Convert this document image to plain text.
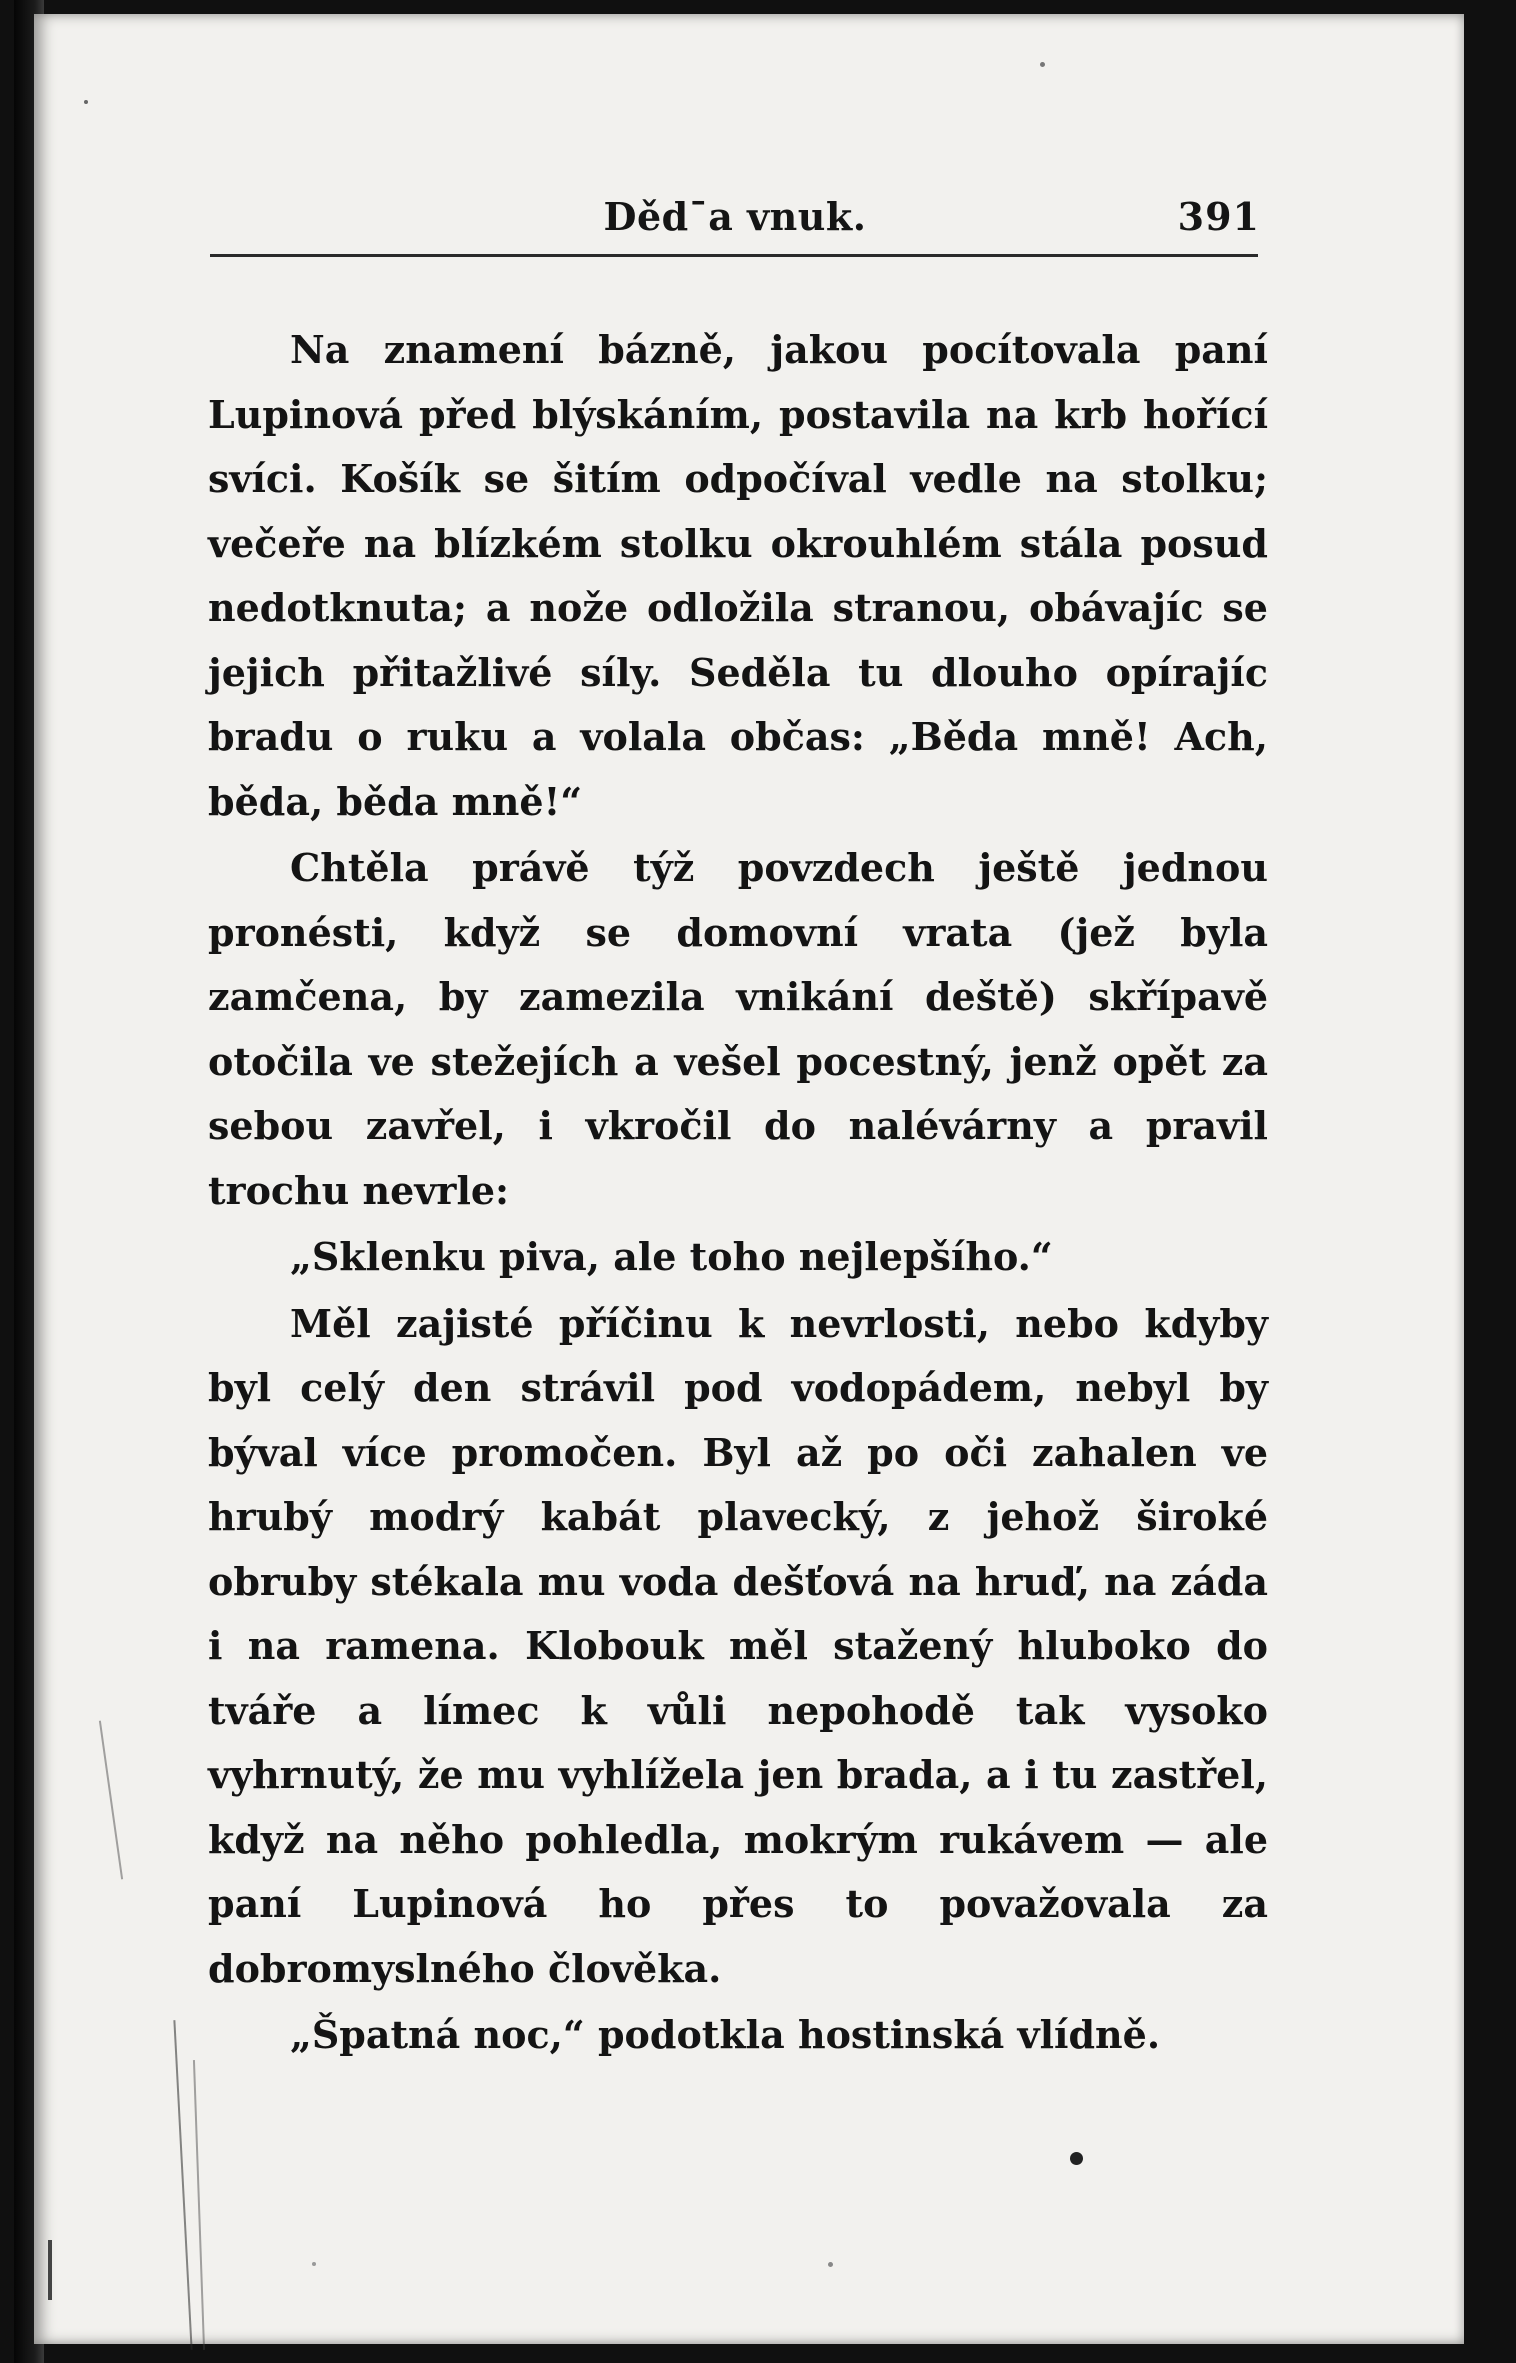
Děd¯a vnuk.	391

Na znamení bázně, jakou pocítovala paní Lupinová před blýskáním, postavila na krb hořící svíci. Košík se šitím odpočíval vedle na stolku; večeře na blízkém stolku okrouhlém stála posud nedotknuta; a nože odložila stranou, obávajíc se jejich přitažlivé síly. Seděla tu dlouho opírajíc bradu o ruku a volala občas: „Běda mně! Ach, běda, běda mně!“

Chtěla právě týž povzdech ještě jednou pronésti, když se domovní vrata (jež byla zamčena, by zamezila vnikání deště) skřípavě otočila ve stežejích a vešel pocestný, jenž opět za sebou zavřel, i vkročil do nalévárny a pravil trochu nevrle:

„Sklenku piva, ale toho nejlepšího.“

Měl zajisté příčinu k nevrlosti, nebo kdyby byl celý den strávil pod vodopádem, nebyl by býval více promočen. Byl až po oči zahalen ve hrubý modrý kabát plavecký, z jehož široké obruby stékala mu voda dešťová na hruď, na záda i na ramena. Klobouk měl stažený hluboko do tváře a límec k vůli nepohodě tak vysoko vyhrnutý, že mu vyhlížela jen brada, a i tu zastřel, když na něho pohledla, mokrým rukávem — ale paní Lupinová ho přes to považovala za dobromyslného člověka.

„Špatná noc,“ podotkla hostinská vlídně.
